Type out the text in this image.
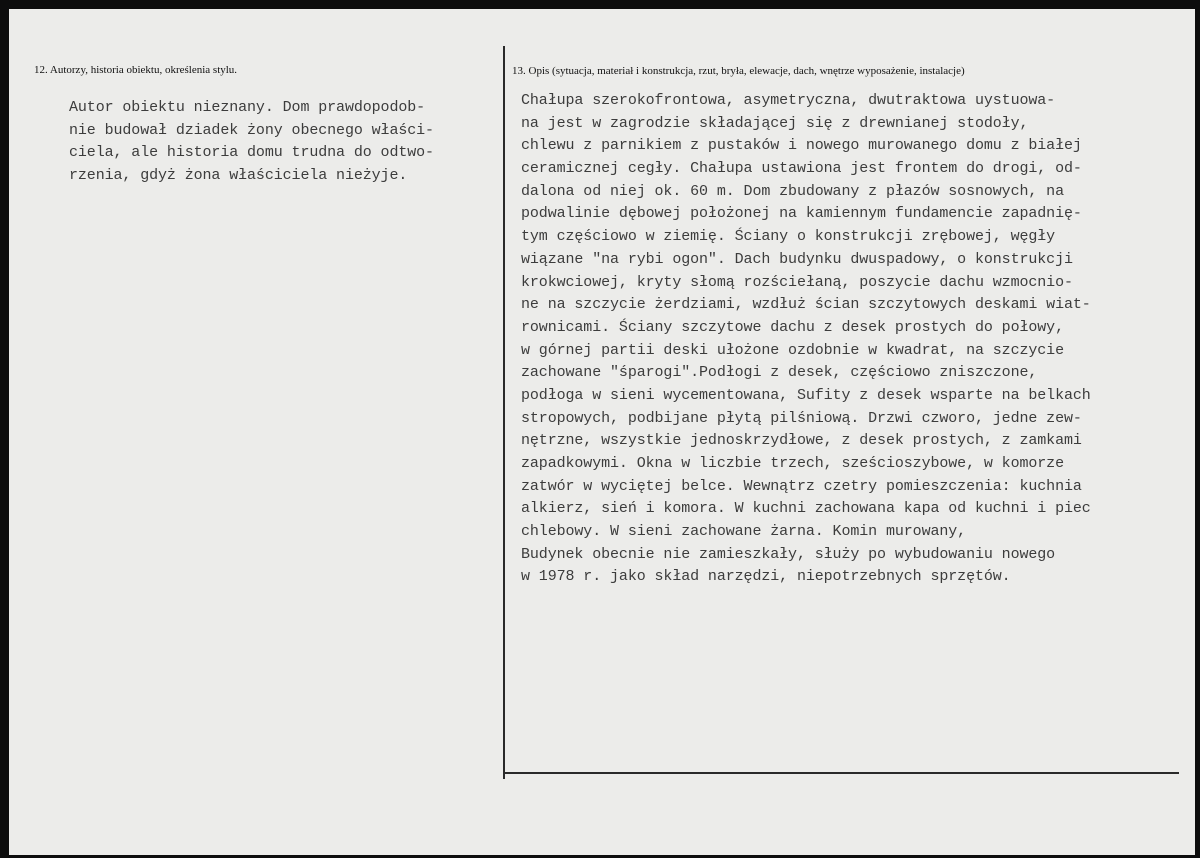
12. Autorzy, historia obiektu, określenia stylu.	13. Opis (sytuacja, materiał i konstrukcja, rzut, bryła, elewacje, dach, wnętrze wyposażenie, instalacje)
Autor obiektu nieznany. Dom prawdopodob-
nie budował dziadek żony obecnego właści-
ciela, ale historia domu trudna do odtwo-
rzenia, gdyż żona właściciela nieżyje.
Chałupa szerokofrontowa, asymetryczna, dwutraktowa uystuowa-
na jest w zagrodzie składającej się z drewnianej stodoły,
chlewu z parnikiem z pustaków i nowego murowanego domu z białej
ceramicznej cegły. Chałupa ustawiona jest frontem do drogi, od-
dalona od niej ok. 60 m. Dom zbudowany z płazów sosnowych, na
podwalinie dębowej położonej na kamiennym fundamencie zapadnię-
tym częściowo w ziemię. Ściany o konstrukcji zrębowej, węgły
wiązane "na rybi ogon". Dach budynku dwuspadowy, o konstrukcji
krokwciowej, kryty słomą rozściełaną, poszycie dachu wzmocnio-
ne na szczycie żerdziami, wzdłuż ścian szczytowych deskami wiat-
rownicami. Ściany szczytowe dachu z desek prostych do połowy,
w górnej partii deski ułożone ozdobnie w kwadrat, na szczycie
zachowane "śparogi".Podłogi z desek, częściowo zniszczone,
podłoga w sieni wycementowana, Sufity z desek wsparte na belkach
stropowych, podbijane płytą pilśniową. Drzwi czworo, jedne zew-
nętrzne, wszystkie jednoskrzydłowe, z desek prostych, z zamkami
zapadkowymi. Okna w liczbie trzech, sześcioszybowe, w komorze
zatwór w wyciętej belce. Wewnątrz czetry pomieszczenia: kuchnia
alkierz, sień i komora. W kuchni zachowana kapa od kuchni i piec
chlebowy. W sieni zachowane żarna. Komin murowany,
Budynek obecnie nie zamieszkały, służy po wybudowaniu nowego
w 1978 r. jako skład narzędzi, niepotrzebnych sprzętów.
